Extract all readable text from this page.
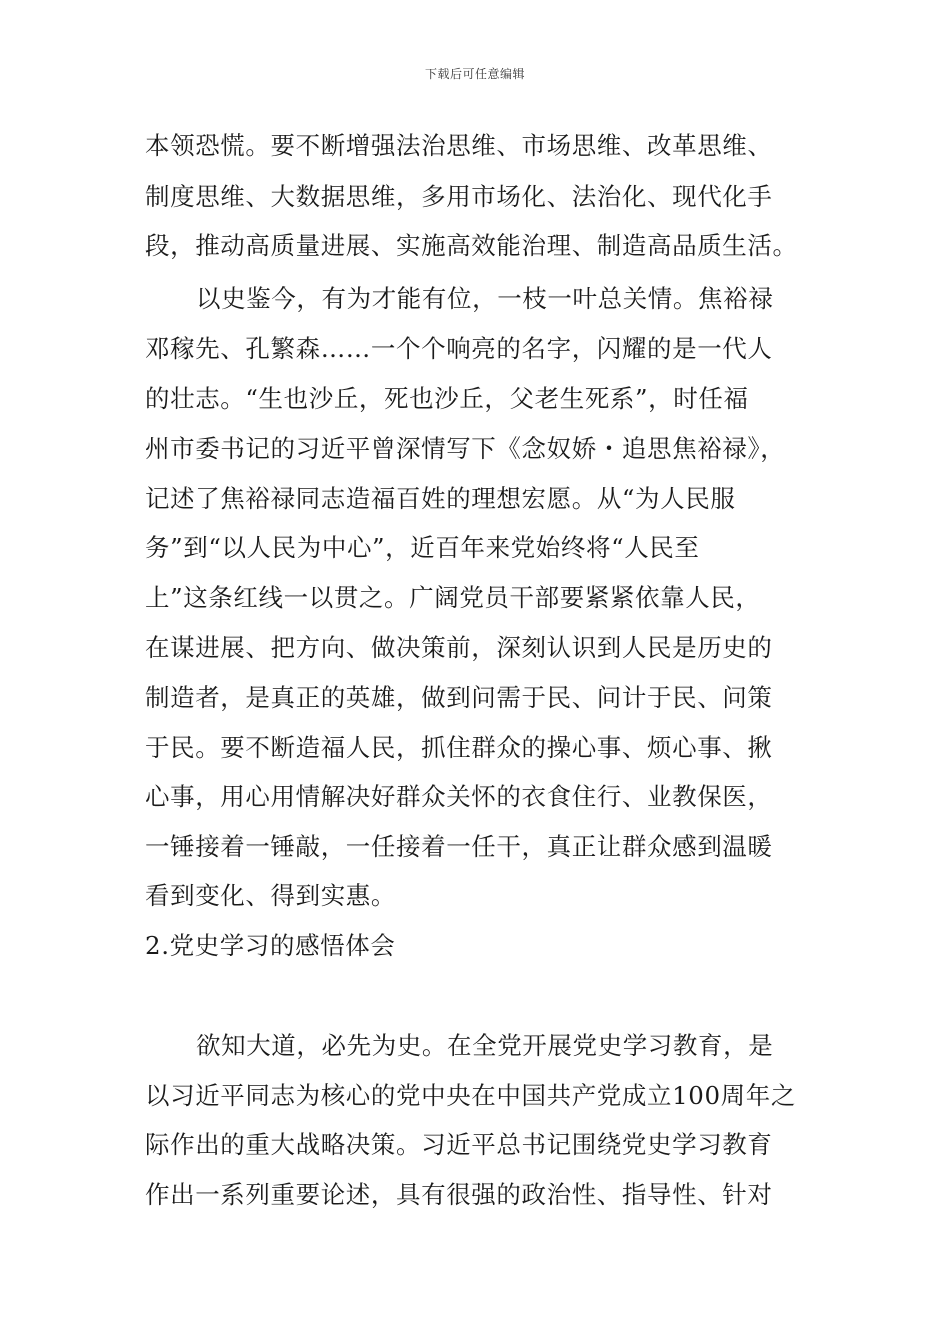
下载后可任意编辑
本领恐慌。要不断增强法治思维、市场思维、改革思维、
制度思维、大数据思维，多用市场化、法治化、现代化手
段，推动高质量进展、实施高效能治理、制造高品质生活。
以史鉴今，有为才能有位，一枝一叶总关情。焦裕禄
邓稼先、孔繁森……一个个响亮的名字，闪耀的是一代人
的壮志。“生也沙丘，死也沙丘，父老生死系”，时任福
州市委书记的习近平曾深情写下《念奴娇・追思焦裕禄》，
记述了焦裕禄同志造福百姓的理想宏愿。从“为人民服
务”到“以人民为中心”，近百年来党始终将“人民至
上”这条红线一以贯之。广阔党员干部要紧紧依靠人民，
在谋进展、把方向、做决策前，深刻认识到人民是历史的
制造者，是真正的英雄，做到问需于民、问计于民、问策
于民。要不断造福人民，抓住群众的操心事、烦心事、揪
心事，用心用情解决好群众关怀的衣食住行、业教保医，
一锤接着一锤敲，一任接着一任干，真正让群众感到温暖
看到变化、得到实惠。
2.党史学习的感悟体会
欲知大道，必先为史。在全党开展党史学习教育，是
以习近平同志为核心的党中央在中国共产党成立100周年之
际作出的重大战略决策。习近平总书记围绕党史学习教育
作出一系列重要论述，具有很强的政治性、指导性、针对
